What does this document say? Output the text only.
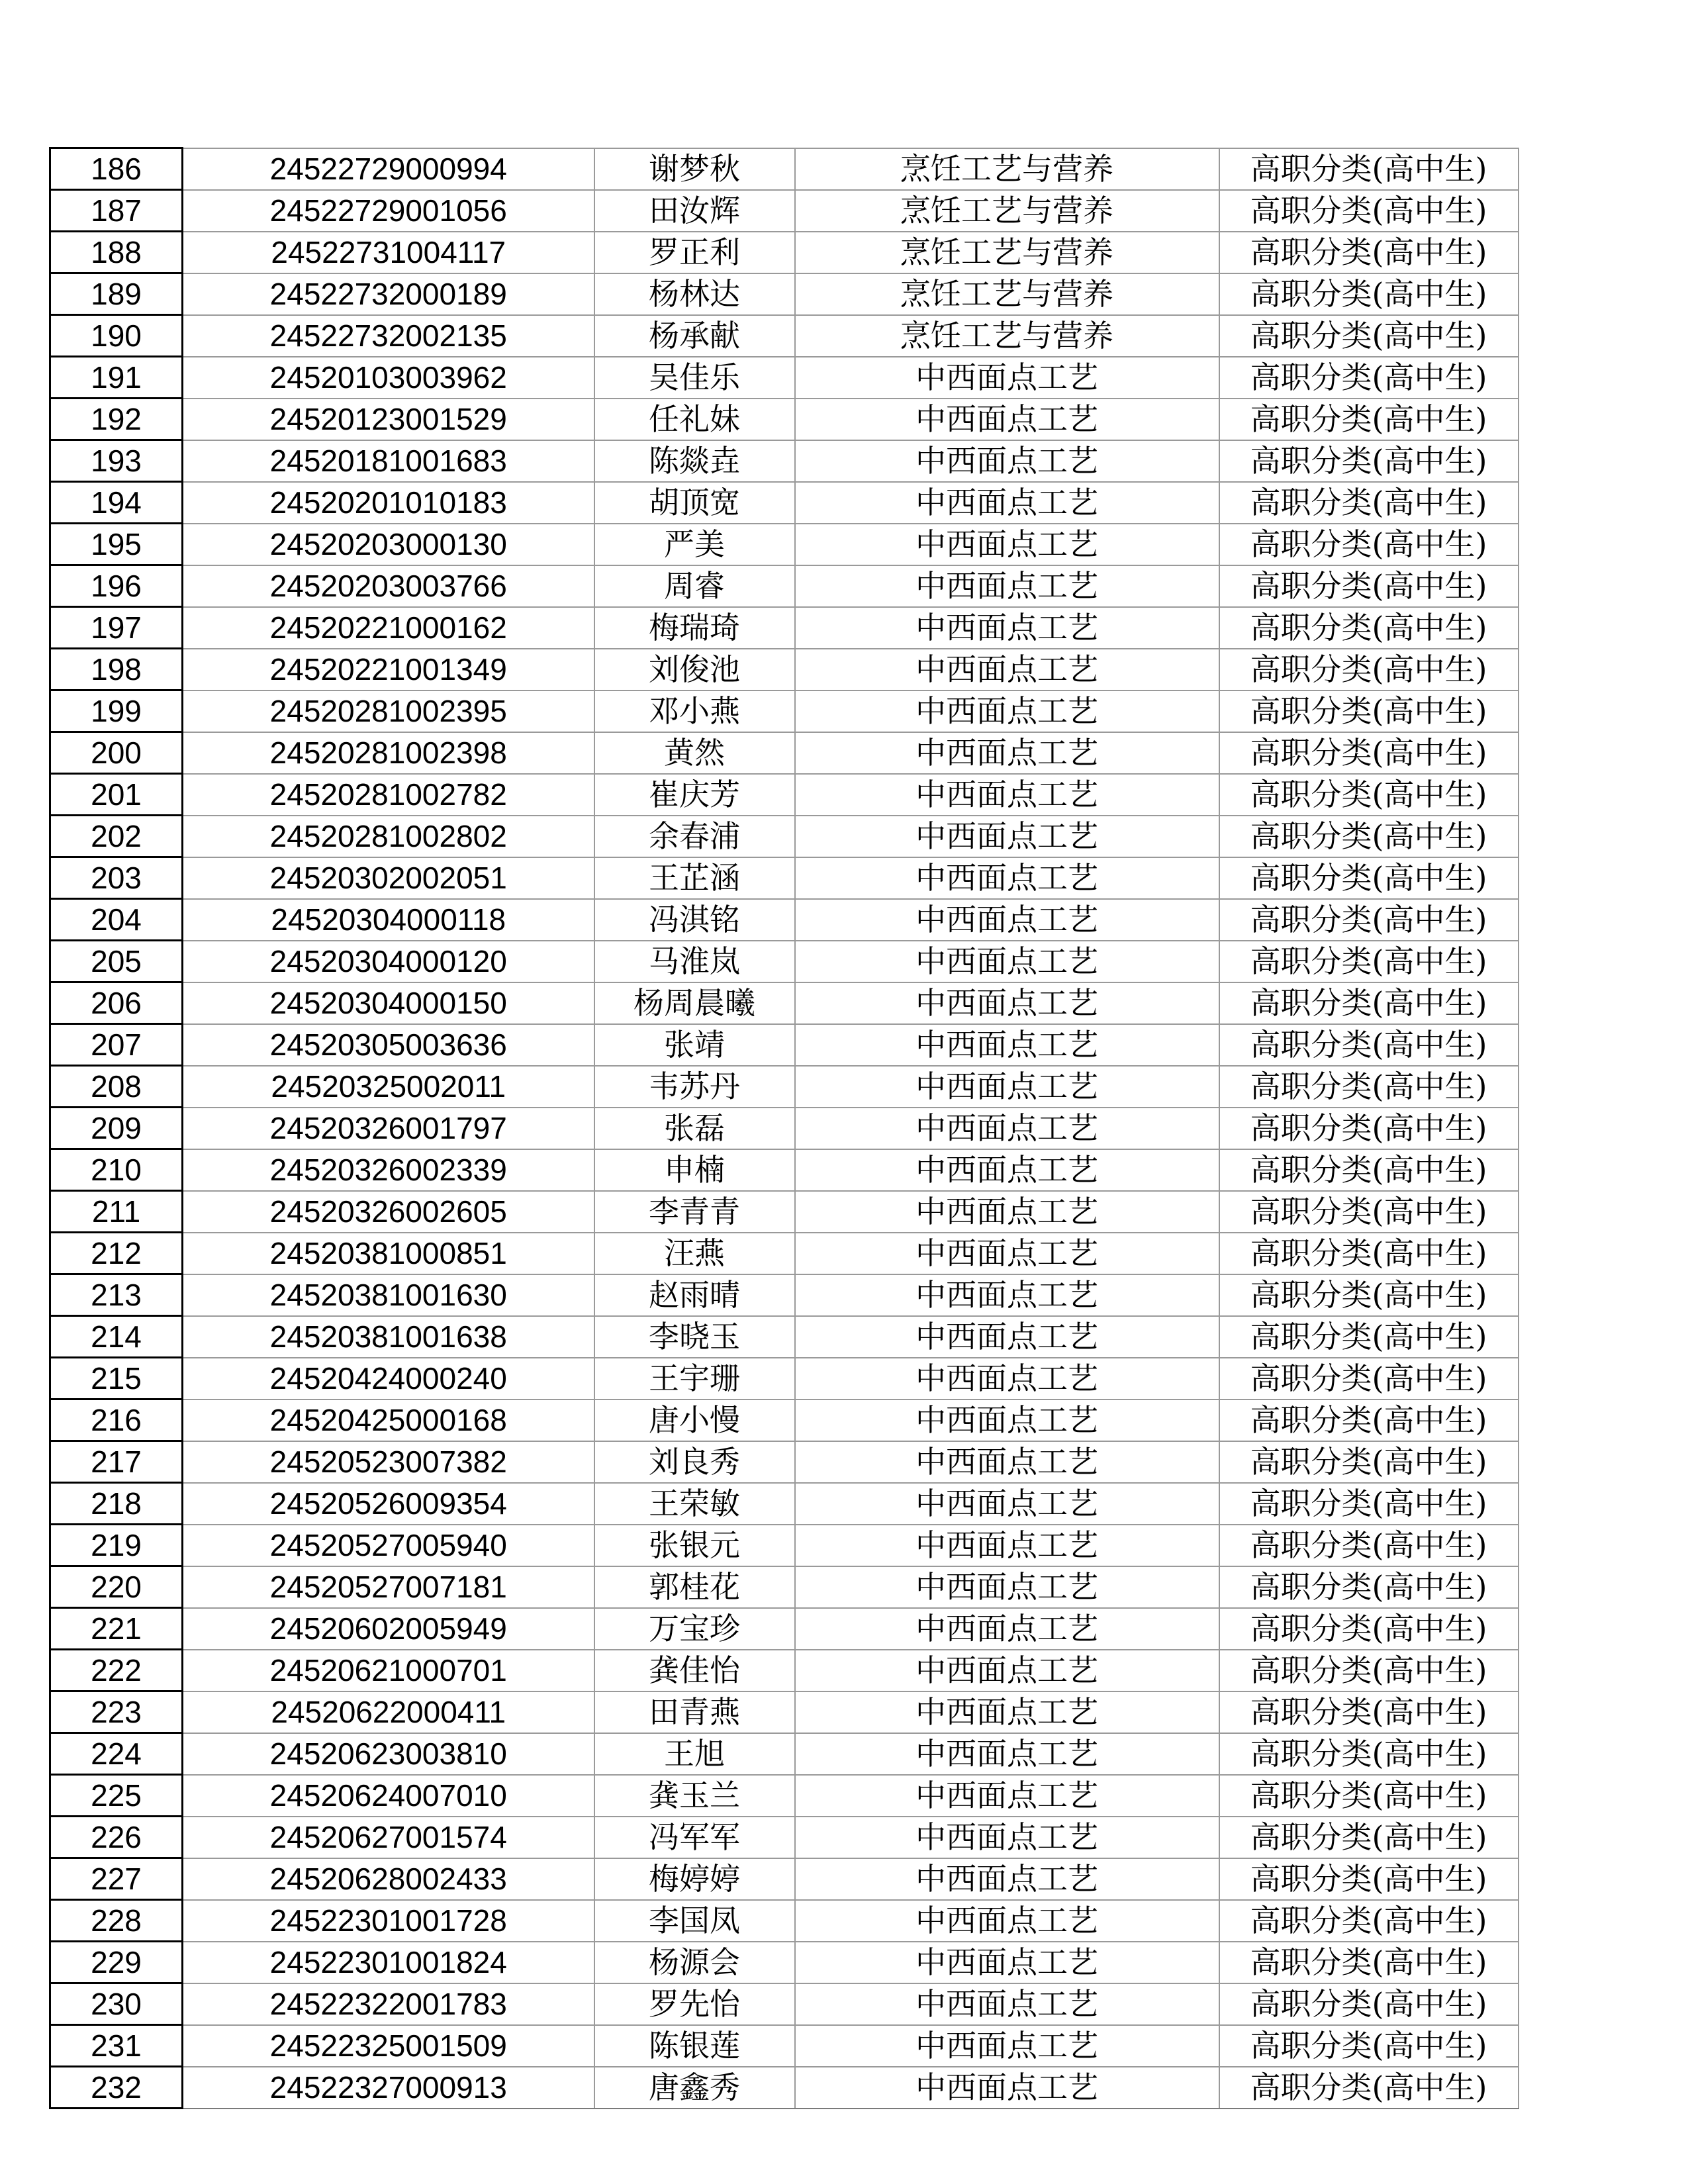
186	24522729000994	谢梦秋	烹饪工艺与营养	高职分类(高中生)
187	24522729001056	田汝辉	烹饪工艺与营养	高职分类(高中生)
188	24522731004117	罗正利	烹饪工艺与营养	高职分类(高中生)
189	24522732000189	杨林达	烹饪工艺与营养	高职分类(高中生)
190	24522732002135	杨承献	烹饪工艺与营养	高职分类(高中生)
191	24520103003962	吴佳乐	中西面点工艺	高职分类(高中生)
192	24520123001529	任礼妹	中西面点工艺	高职分类(高中生)
193	24520181001683	陈燚垚	中西面点工艺	高职分类(高中生)
194	24520201010183	胡顶宽	中西面点工艺	高职分类(高中生)
195	24520203000130	严美	中西面点工艺	高职分类(高中生)
196	24520203003766	周睿	中西面点工艺	高职分类(高中生)
197	24520221000162	梅瑞琦	中西面点工艺	高职分类(高中生)
198	24520221001349	刘俊池	中西面点工艺	高职分类(高中生)
199	24520281002395	邓小燕	中西面点工艺	高职分类(高中生)
200	24520281002398	黄然	中西面点工艺	高职分类(高中生)
201	24520281002782	崔庆芳	中西面点工艺	高职分类(高中生)
202	24520281002802	余春浦	中西面点工艺	高职分类(高中生)
203	24520302002051	王芷涵	中西面点工艺	高职分类(高中生)
204	24520304000118	冯淇铭	中西面点工艺	高职分类(高中生)
205	24520304000120	马淮岚	中西面点工艺	高职分类(高中生)
206	24520304000150	杨周晨曦	中西面点工艺	高职分类(高中生)
207	24520305003636	张靖	中西面点工艺	高职分类(高中生)
208	24520325002011	韦苏丹	中西面点工艺	高职分类(高中生)
209	24520326001797	张磊	中西面点工艺	高职分类(高中生)
210	24520326002339	申楠	中西面点工艺	高职分类(高中生)
211	24520326002605	李青青	中西面点工艺	高职分类(高中生)
212	24520381000851	汪燕	中西面点工艺	高职分类(高中生)
213	24520381001630	赵雨晴	中西面点工艺	高职分类(高中生)
214	24520381001638	李晓玉	中西面点工艺	高职分类(高中生)
215	24520424000240	王宇珊	中西面点工艺	高职分类(高中生)
216	24520425000168	唐小慢	中西面点工艺	高职分类(高中生)
217	24520523007382	刘良秀	中西面点工艺	高职分类(高中生)
218	24520526009354	王荣敏	中西面点工艺	高职分类(高中生)
219	24520527005940	张银元	中西面点工艺	高职分类(高中生)
220	24520527007181	郭桂花	中西面点工艺	高职分类(高中生)
221	24520602005949	万宝珍	中西面点工艺	高职分类(高中生)
222	24520621000701	龚佳怡	中西面点工艺	高职分类(高中生)
223	24520622000411	田青燕	中西面点工艺	高职分类(高中生)
224	24520623003810	王旭	中西面点工艺	高职分类(高中生)
225	24520624007010	龚玉兰	中西面点工艺	高职分类(高中生)
226	24520627001574	冯军军	中西面点工艺	高职分类(高中生)
227	24520628002433	梅婷婷	中西面点工艺	高职分类(高中生)
228	24522301001728	李国凤	中西面点工艺	高职分类(高中生)
229	24522301001824	杨源会	中西面点工艺	高职分类(高中生)
230	24522322001783	罗先怡	中西面点工艺	高职分类(高中生)
231	24522325001509	陈银莲	中西面点工艺	高职分类(高中生)
232	24522327000913	唐鑫秀	中西面点工艺	高职分类(高中生)
